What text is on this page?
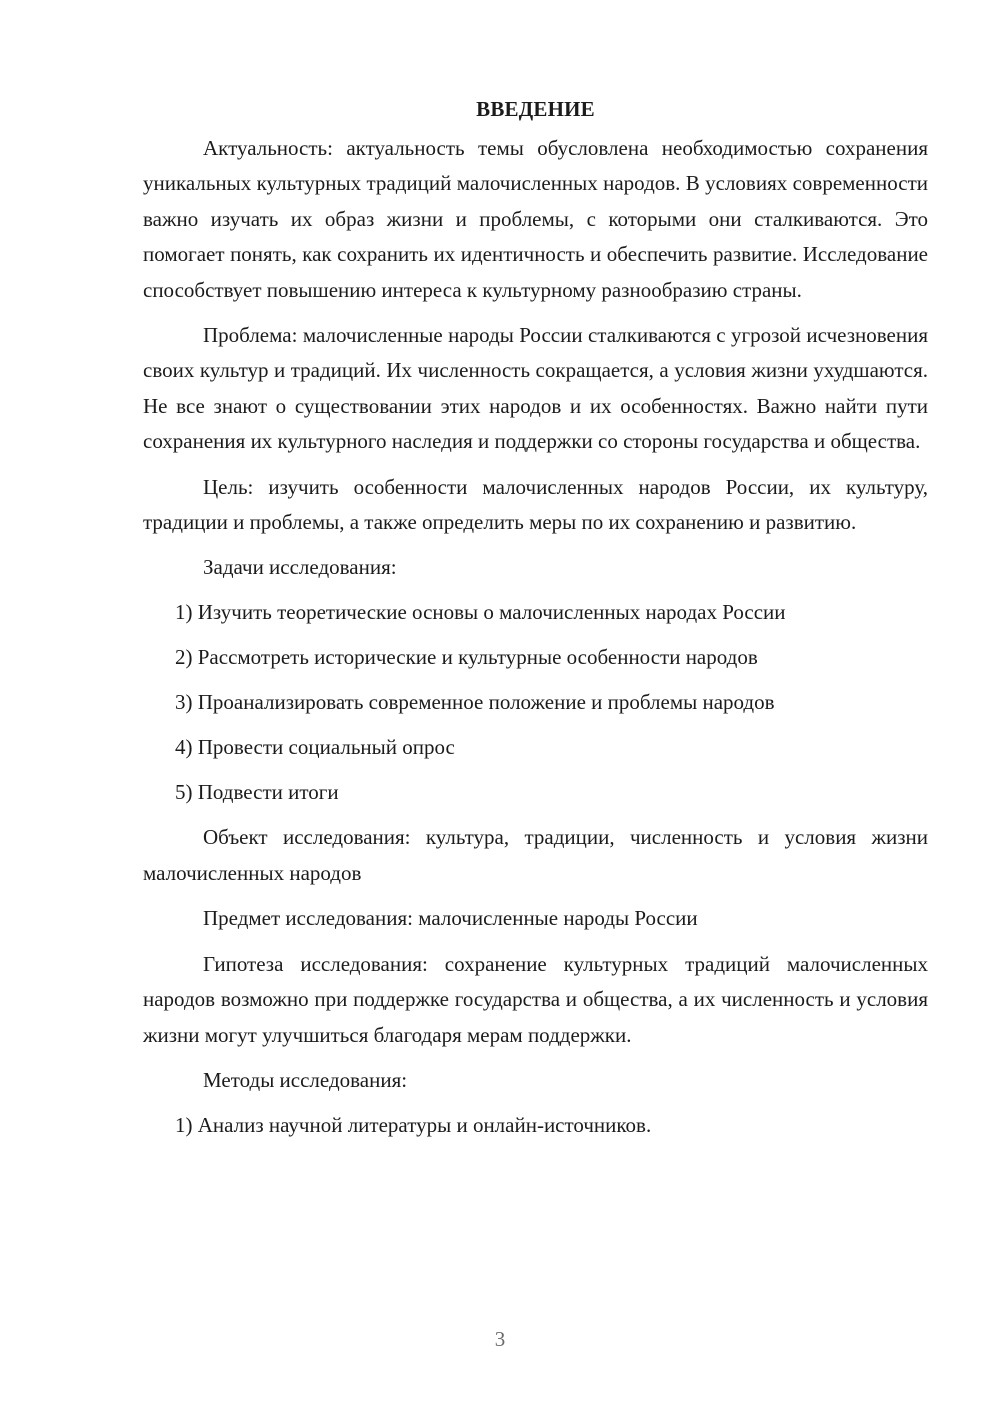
ВВЕДЕНИЕ

Актуальность: актуальность темы обусловлена необходимостью сохранения уникальных культурных традиций малочисленных народов. В условиях современности важно изучать их образ жизни и проблемы, с которыми они сталкиваются. Это помогает понять, как сохранить их идентичность и обеспечить развитие. Исследование способствует повышению интереса к культурному разнообразию страны.

Проблема: малочисленные народы России сталкиваются с угрозой исчезновения своих культур и традиций. Их численность сокращается, а условия жизни ухудшаются. Не все знают о существовании этих народов и их особенностях. Важно найти пути сохранения их культурного наследия и поддержки со стороны государства и общества.

Цель: изучить особенности малочисленных народов России, их культуру, традиции и проблемы, а также определить меры по их сохранению и развитию.

Задачи исследования:

1) Изучить теоретические основы о малочисленных народах России
2) Рассмотреть исторические и культурные особенности народов
3) Проанализировать современное положение и проблемы народов
4) Провести социальный опрос
5) Подвести итоги

Объект исследования: культура, традиции, численность и условия жизни малочисленных народов

Предмет исследования: малочисленные народы России

Гипотеза исследования: сохранение культурных традиций малочисленных народов возможно при поддержке государства и общества, а их численность и условия жизни могут улучшиться благодаря мерам поддержки.

Методы исследования:

1) Анализ научной литературы и онлайн-источников.
3
